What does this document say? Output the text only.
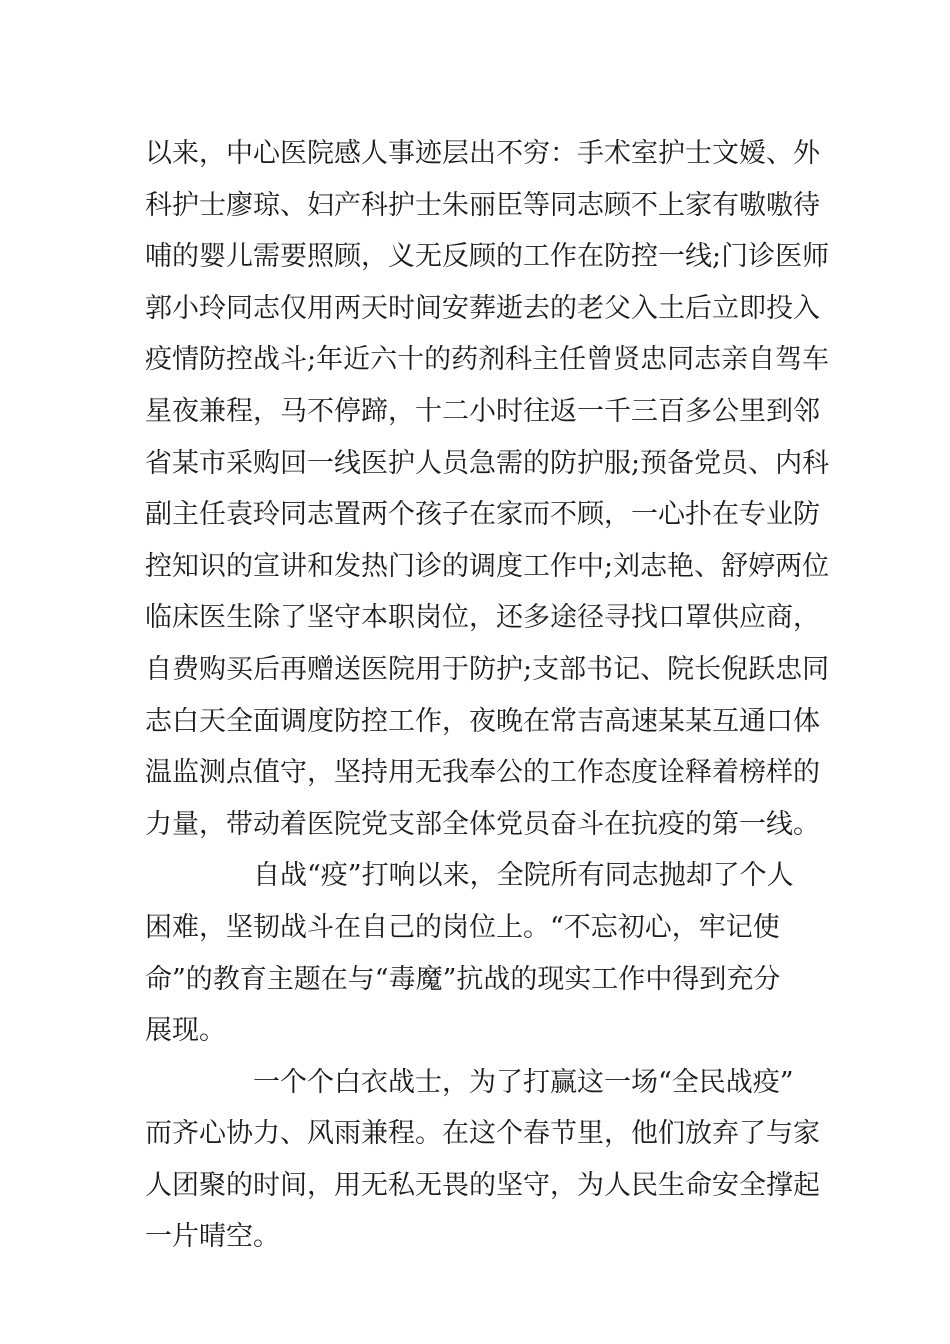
以来，中心医院感人事迹层出不穷：手术室护士文嫒、外
科护士廖琼、妇产科护士朱丽臣等同志顾不上家有嗷嗷待
哺的婴儿需要照顾，义无反顾的工作在防控一线;门诊医师
郭小玲同志仅用两天时间安葬逝去的老父入土后立即投入
疫情防控战斗;年近六十的药剂科主任曾贤忠同志亲自驾车
星夜兼程，马不停蹄，十二小时往返一千三百多公里到邻
省某市采购回一线医护人员急需的防护服;预备党员、内科
副主任袁玲同志置两个孩子在家而不顾，一心扑在专业防
控知识的宣讲和发热门诊的调度工作中;刘志艳、舒婷两位
临床医生除了坚守本职岗位，还多途径寻找口罩供应商，
自费购买后再赠送医院用于防护;支部书记、院长倪跃忠同
志白天全面调度防控工作，夜晚在常吉高速某某互通口体
温监测点值守，坚持用无我奉公的工作态度诠释着榜样的
力量，带动着医院党支部全体党员奋斗在抗疫的第一线。
自战“疫”打响以来，全院所有同志抛却了个人
困难，坚韧战斗在自己的岗位上。“不忘初心，牢记使
命”的教育主题在与“毒魔”抗战的现实工作中得到充分
展现。
一个个白衣战士，为了打赢这一场“全民战疫”
而齐心协力、风雨兼程。在这个春节里，他们放弃了与家
人团聚的时间，用无私无畏的坚守，为人民生命安全撑起
一片晴空。
